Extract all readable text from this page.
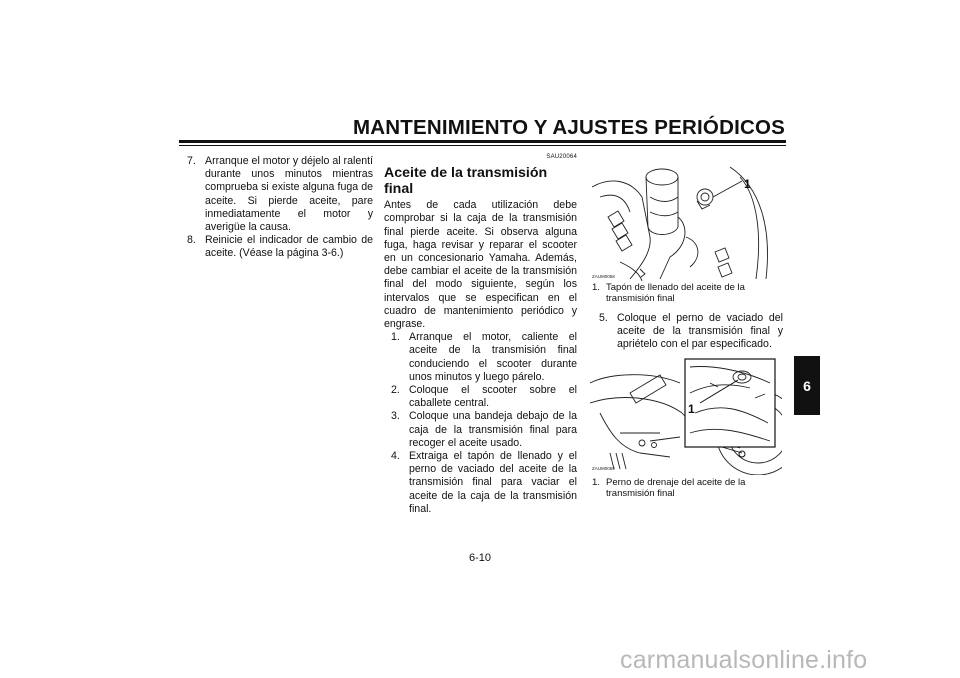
MANTENIMIENTO Y AJUSTES PERIÓDICOS
7. Arranque el motor y déjelo al ralentí durante unos minutos mientras comprueba si existe alguna fuga de aceite. Si pierde aceite, pare inmediatamente el motor y averigüe la causa.
8. Reinicie el indicador de cambio de aceite. (Véase la página 3-6.)
SAU20064
Aceite de la transmisión final

Antes de cada utilización debe comprobar si la caja de la transmisión final pierde aceite. Si observa alguna fuga, haga revisar y reparar el scooter en un concesionario Yamaha. Además, debe cambiar el aceite de la transmisión final del modo siguiente, según los intervalos que se especifican en el cuadro de mantenimiento periódico y engrase.

1. Arranque el motor, caliente el aceite de la transmisión final conduciendo el scooter durante unos minutos y luego párelo.
2. Coloque el scooter sobre el caballete central.
3. Coloque una bandeja debajo de la caja de la transmisión final para recoger el aceite usado.
4. Extraiga el tapón de llenado y el perno de vaciado del aceite de la transmisión final para vaciar el aceite de la caja de la transmisión final.
1
ZAUM0058
1. Tapón de llenado del aceite de la transmisión final
5. Coloque el perno de vaciado del aceite de la transmisión final y apriételo con el par especificado.
1
ZAUM0059
1. Perno de drenaje del aceite de la transmisión final
6
6-10
carmanualsonline.info
